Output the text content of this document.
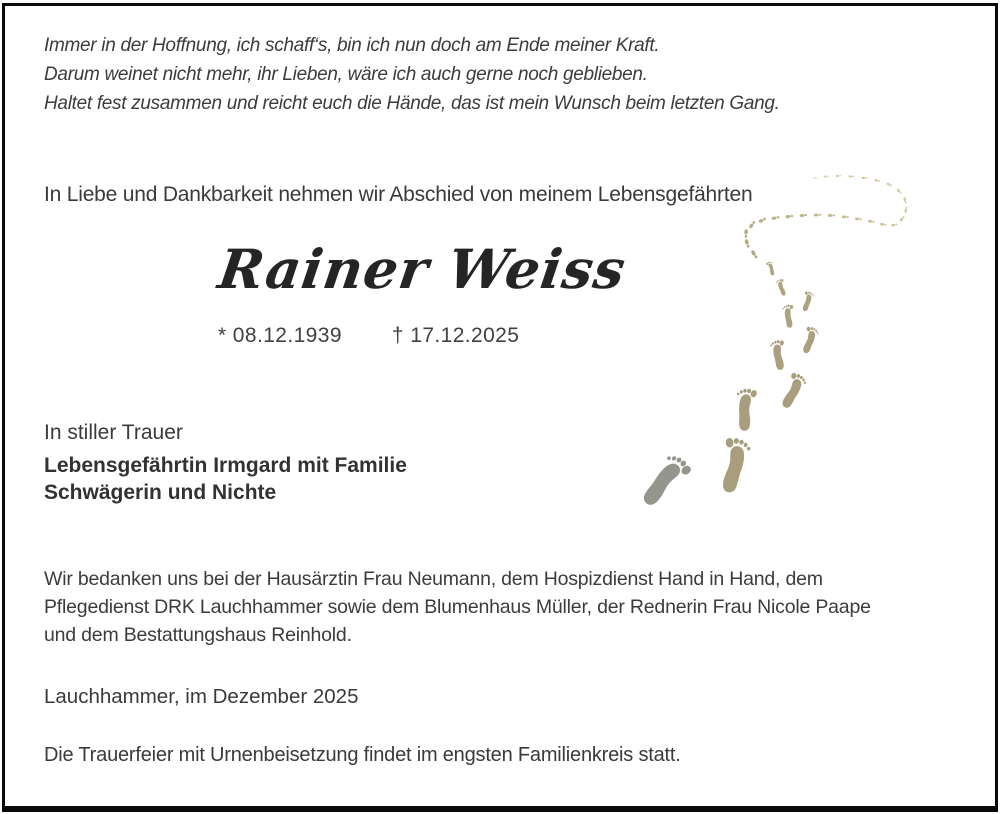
Immer in der Hoffnung, ich schaff‘s, bin ich nun doch am Ende meiner Kraft.
Darum weinet nicht mehr, ihr Lieben, wäre ich auch gerne noch geblieben.
Haltet fest zusammen und reicht euch die Hände, das ist mein Wunsch beim letzten Gang.
In Liebe und Dankbarkeit nehmen wir Abschied von meinem Lebensgefährten
Rainer Weiss
* 08.12.1939 † 17.12.2025
In stiller Trauer
Lebensgefährtin Irmgard mit Familie
Schwägerin und Nichte
Wir bedanken uns bei der Hausärztin Frau Neumann, dem Hospizdienst Hand in Hand, dem
Pflegedienst DRK Lauchhammer sowie dem Blumenhaus Müller, der Rednerin Frau Nicole Paape
und dem Bestattungshaus Reinhold.
Lauchhammer, im Dezember 2025
Die Trauerfeier mit Urnenbeisetzung findet im engsten Familienkreis statt.
